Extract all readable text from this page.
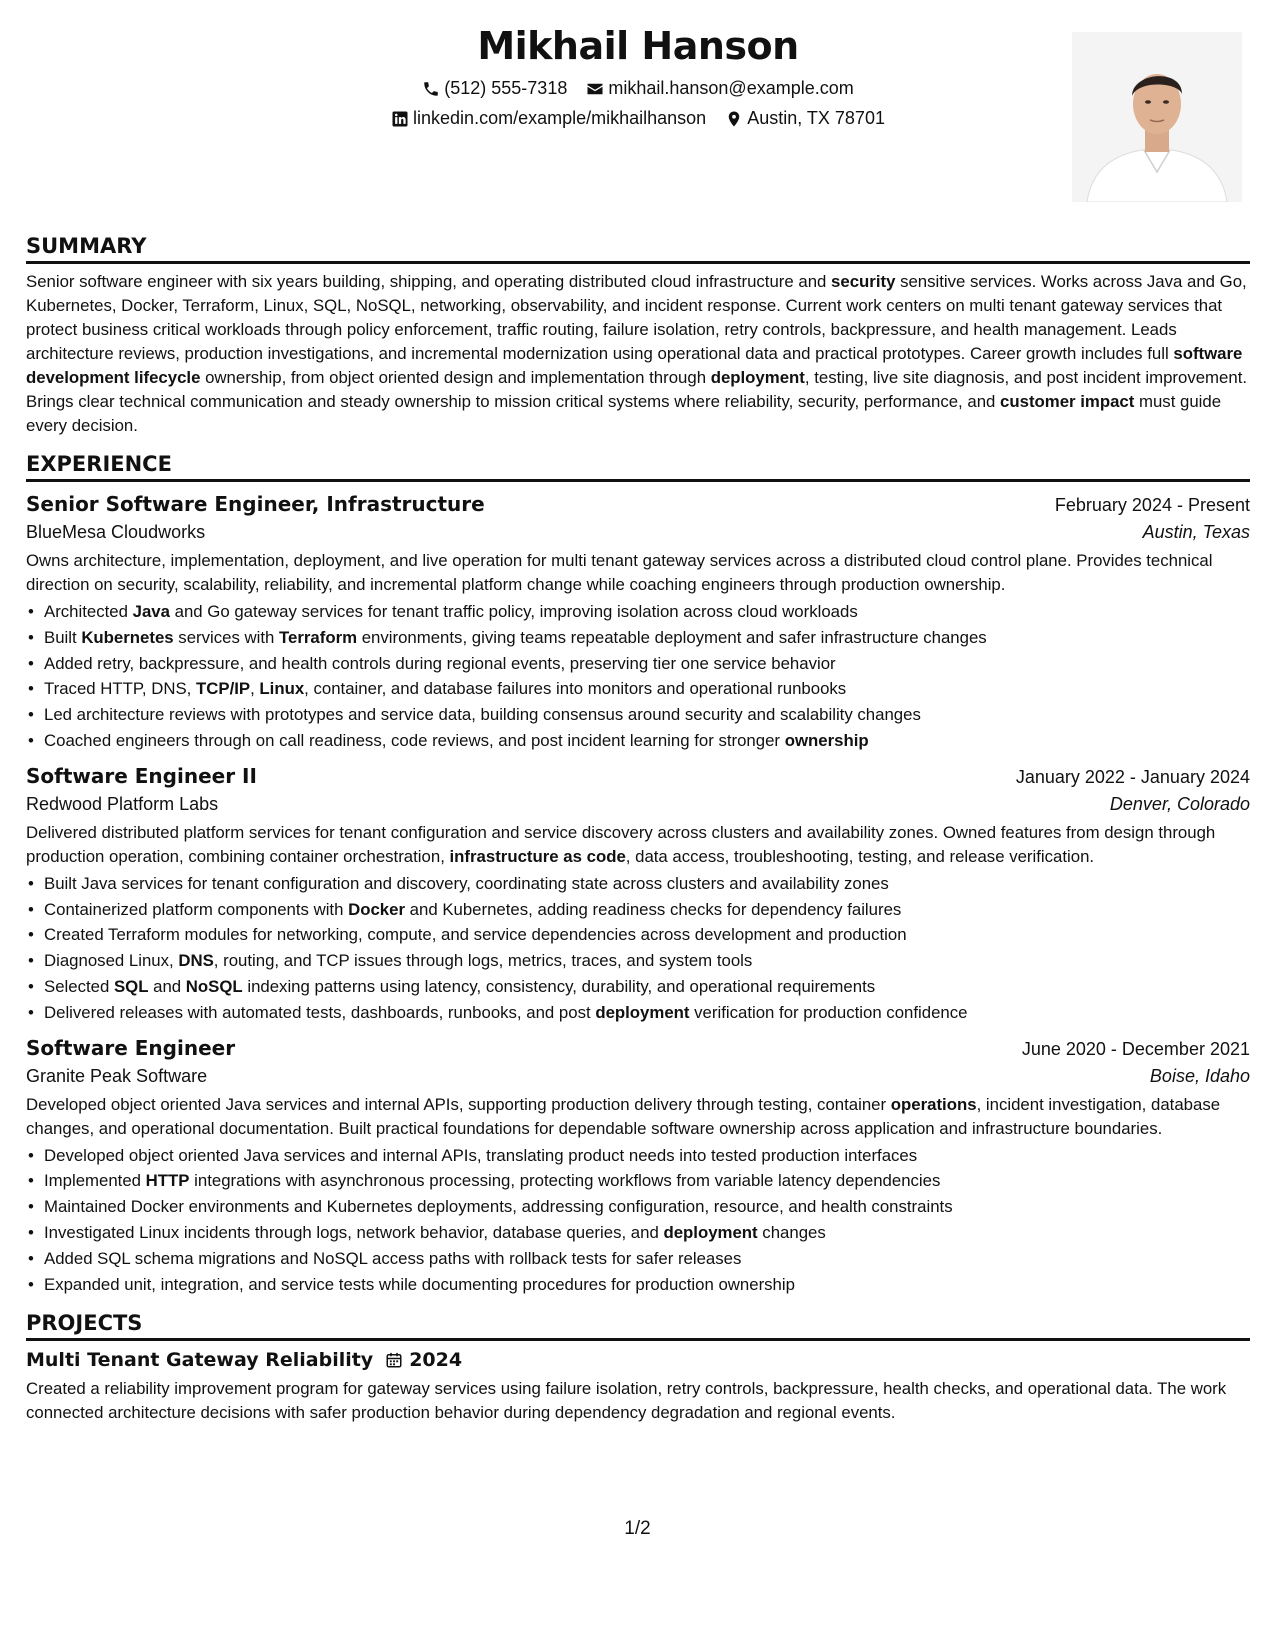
Mikhail Hanson
(512) 555-7318
mikhail.hanson@example.com
linkedin.com/example/mikhailhanson
Austin, TX 78701
SUMMARY

Senior software engineer with six years building, shipping, and operating distributed cloud infrastructure and security sensitive services. Works across Java and Go, Kubernetes, Docker, Terraform, Linux, SQL, NoSQL, networking, observability, and incident response. Current work centers on multi tenant gateway services that protect business critical workloads through policy enforcement, traffic routing, failure isolation, retry controls, backpressure, and health management. Leads architecture reviews, production investigations, and incremental modernization using operational data and practical prototypes. Career growth includes full software development lifecycle ownership, from object oriented design and implementation through deployment, testing, live site diagnosis, and post incident improvement. Brings clear technical communication and steady ownership to mission critical systems where reliability, security, performance, and customer impact must guide every decision.

EXPERIENCE
Senior Software Engineer, Infrastructure	February 2024 - Present
BlueMesa Cloudworks	Austin, Texas

Owns architecture, implementation, deployment, and live operation for multi tenant gateway services across a distributed cloud control plane. Provides technical direction on security, scalability, reliability, and incremental platform change while coaching engineers through production ownership.

• Architected Java and Go gateway services for tenant traffic policy, improving isolation across cloud workloads
• Built Kubernetes services with Terraform environments, giving teams repeatable deployment and safer infrastructure changes
• Added retry, backpressure, and health controls during regional events, preserving tier one service behavior
• Traced HTTP, DNS, TCP/IP, Linux, container, and database failures into monitors and operational runbooks
• Led architecture reviews with prototypes and service data, building consensus around security and scalability changes
• Coached engineers through on call readiness, code reviews, and post incident learning for stronger ownership
Software Engineer II	January 2022 - January 2024
Redwood Platform Labs	Denver, Colorado

Delivered distributed platform services for tenant configuration and service discovery across clusters and availability zones. Owned features from design through production operation, combining container orchestration, infrastructure as code, data access, troubleshooting, testing, and release verification.

• Built Java services for tenant configuration and discovery, coordinating state across clusters and availability zones
• Containerized platform components with Docker and Kubernetes, adding readiness checks for dependency failures
• Created Terraform modules for networking, compute, and service dependencies across development and production
• Diagnosed Linux, DNS, routing, and TCP issues through logs, metrics, traces, and system tools
• Selected SQL and NoSQL indexing patterns using latency, consistency, durability, and operational requirements
• Delivered releases with automated tests, dashboards, runbooks, and post deployment verification for production confidence
Software Engineer	June 2020 - December 2021
Granite Peak Software	Boise, Idaho

Developed object oriented Java services and internal APIs, supporting production delivery through testing, container operations, incident investigation, database changes, and operational documentation. Built practical foundations for dependable software ownership across application and infrastructure boundaries.

• Developed object oriented Java services and internal APIs, translating product needs into tested production interfaces
• Implemented HTTP integrations with asynchronous processing, protecting workflows from variable latency dependencies
• Maintained Docker environments and Kubernetes deployments, addressing configuration, resource, and health constraints
• Investigated Linux incidents through logs, network behavior, database queries, and deployment changes
• Added SQL schema migrations and NoSQL access paths with rollback tests for safer releases
• Expanded unit, integration, and service tests while documenting procedures for production ownership
PROJECTS
Multi Tenant Gateway Reliability 2024

Created a reliability improvement program for gateway services using failure isolation, retry controls, backpressure, health checks, and operational data. The work connected architecture decisions with safer production behavior during dependency degradation and regional events.

1/2
